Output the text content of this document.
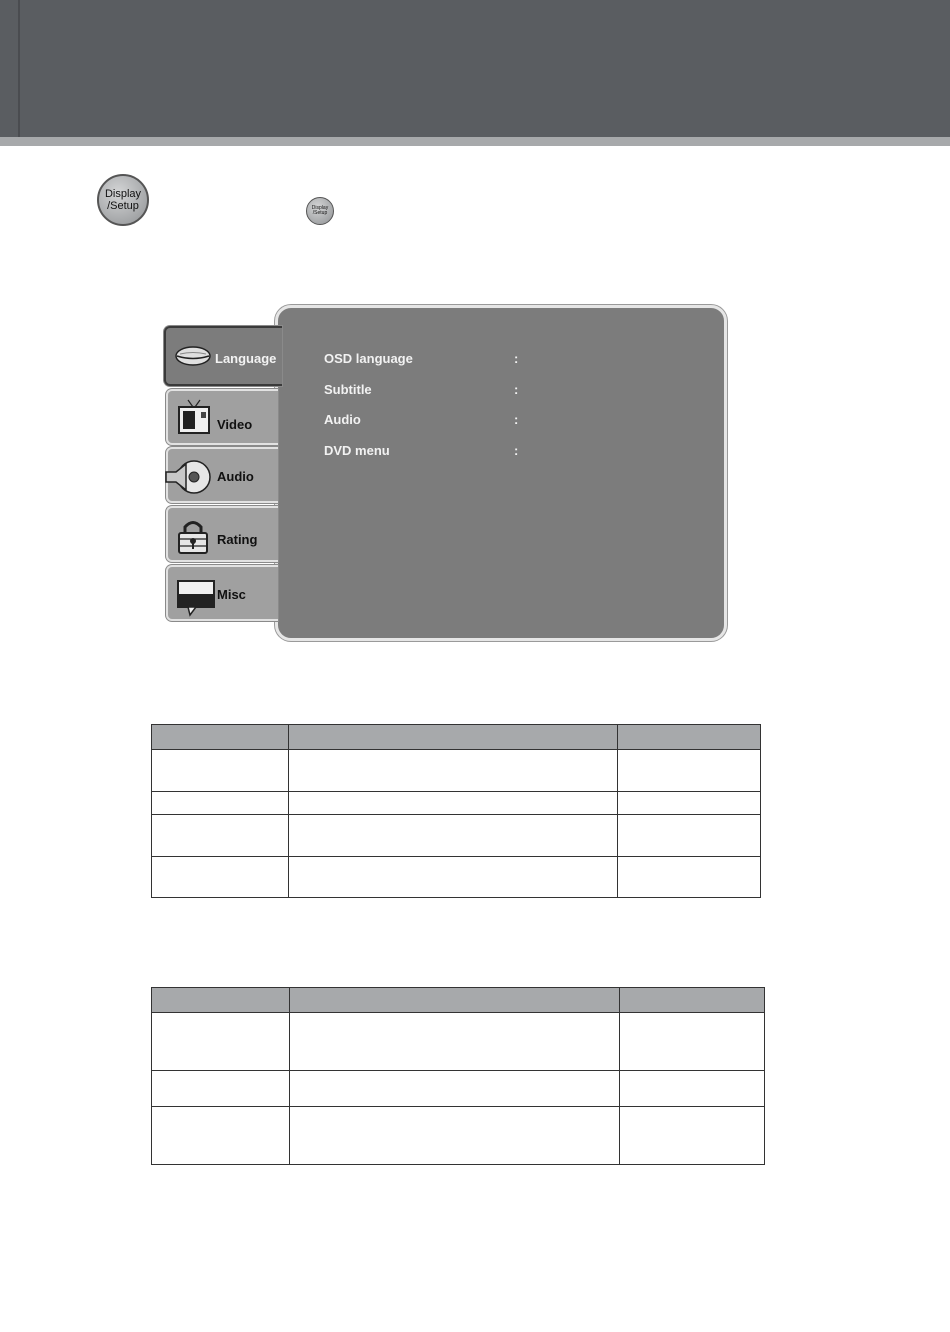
Display
/Setup	Display
/Setup
Language
Video
Audio
Rating
Misc
OSD language	:
Subtitle	:
Audio	:
DVD menu	:
